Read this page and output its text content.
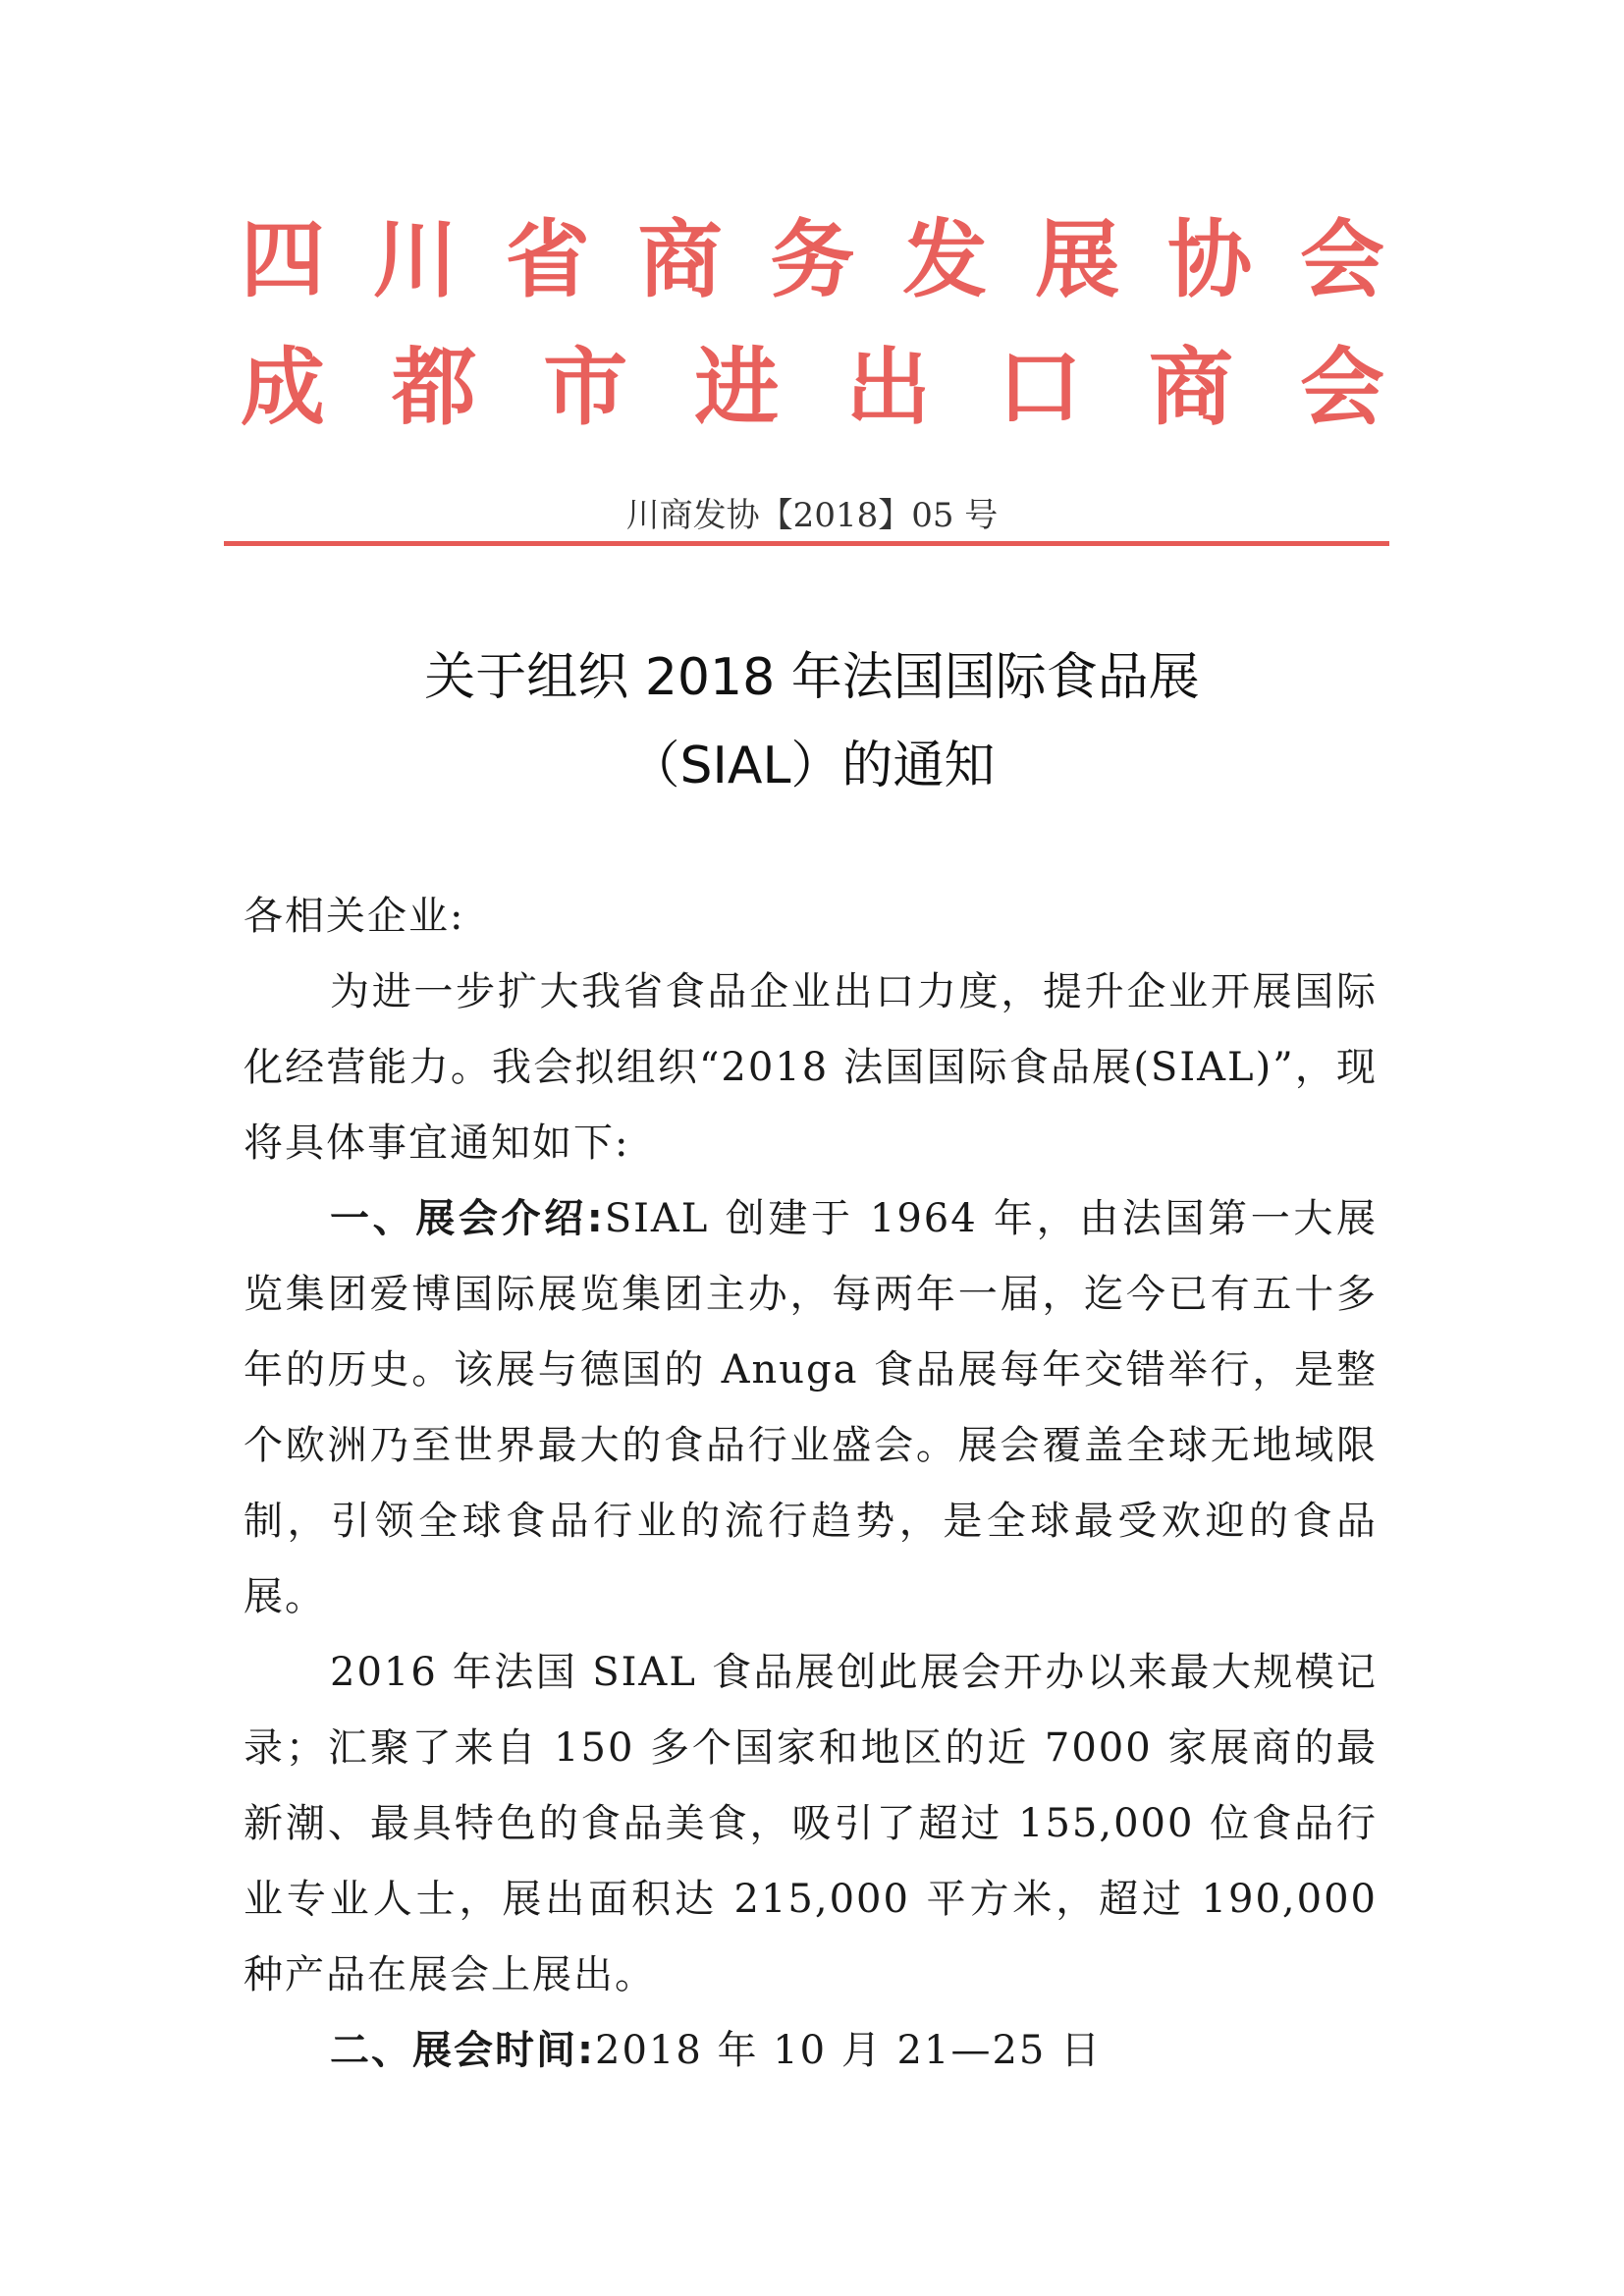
四 川 省 商 务 发 展 协 会
成 都 市 进 出 口 商 会
川商发协【2018】05 号
关于组织 2018 年法国国际食品展
（SIAL）的通知
各相关企业:

为进一步扩大我省食品企业出口力度，提升企业开展国际化经营能力。我会拟组织“2018 法国国际食品展(SIAL)”，现将具体事宜通知如下:

一、展会介绍:SIAL 创建于 1964 年，由法国第一大展览集团爱博国际展览集团主办，每两年一届，迄今已有五十多年的历史。该展与德国的 Anuga 食品展每年交错举行，是整个欧洲乃至世界最大的食品行业盛会。展会覆盖全球无地域限制，引领全球食品行业的流行趋势，是全球最受欢迎的食品展。

2016 年法国 SIAL 食品展创此展会开办以来最大规模记录；汇聚了来自 150 多个国家和地区的近 7000 家展商的最新潮、最具特色的食品美食，吸引了超过 155,000 位食品行业专业人士，展出面积达 215,000 平方米，超过 190,000 种产品在展会上展出。

二、展会时间:2018 年 10 月 21—25 日
